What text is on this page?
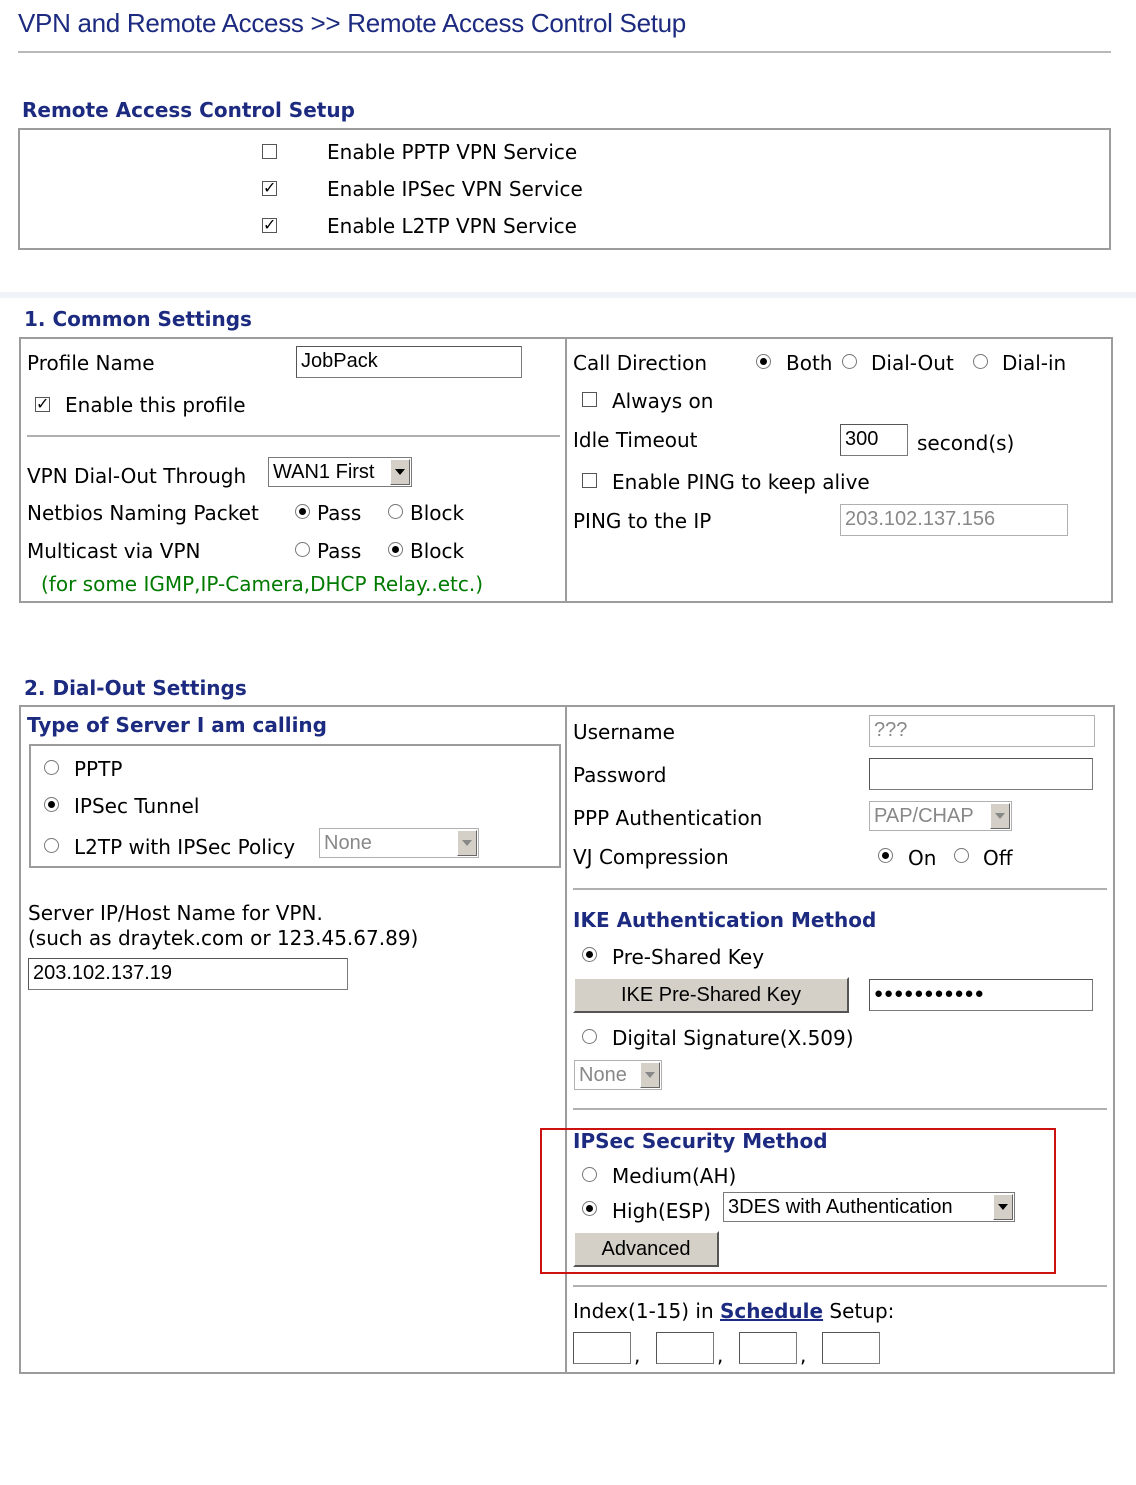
VPN and Remote Access >> Remote Access Control Setup
Remote Access Control Setup
Enable PPTP VPN Service
✓	Enable IPSec VPN Service
✓	Enable L2TP VPN Service
1. Common Settings
Profile Name	JobPack
✓ Enable this profile
VPN Dial-Out Through WAN1 First
Netbios Naming Packet	Pass Block
Multicast via VPN	Pass Block
(for some IGMP,IP-Camera,DHCP Relay..etc.)
Call Direction	Both Dial-Out Dial-in
Always on
Idle Timeout	300	second(s)
Enable PING to keep alive
PING to the IP	203.102.137.156
2. Dial-Out Settings
Type of Server I am calling
PPTP
IPSec Tunnel
L2TP with IPSec Policy None
Server IP/Host Name for VPN.
(such as draytek.com or 123.45.67.89)
203.102.137.19
Username	???
Password
PPP Authentication	PAP/CHAP
VJ Compression	On Off
IKE Authentication Method
Pre-Shared Key
IKE Pre-Shared Key	●●●●●●●●●●●
Digital Signature(X.509)
None
IPSec Security Method
Medium(AH)
High(ESP) 3DES with Authentication
Advanced
Index(1-15) in Schedule Setup:
,	,	,
